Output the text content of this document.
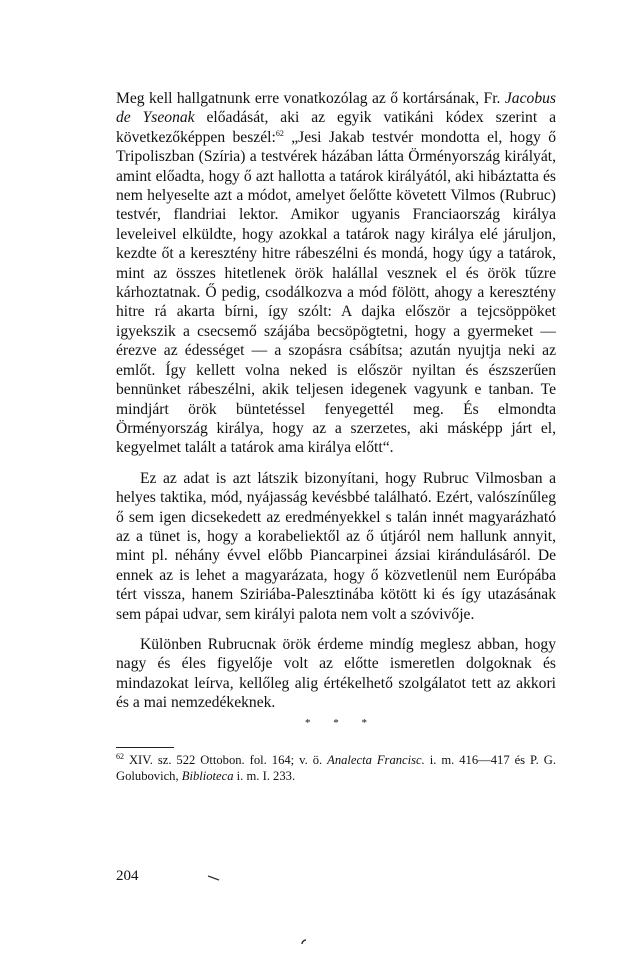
Meg kell hallgatnunk erre vonatkozólag az ő kortársának, Fr. Jacobus de Yseonak előadását, aki az egyik vatikáni kódex szerint a következőképpen beszél:$^{62}$ „Jesi Jakab testvér mondotta el, hogy ő Tripoliszban (Szíria) a testvérek házában látta Örményország királyát, amint előadta, hogy ő azt hallotta a tatárok királyától, aki hibáztatta és nem helyeselte azt a módot, amelyet őelőtte követett Vilmos (Rubruc) testvér, flandriai lektor. Amikor ugyanis Franciaország királya leveleivel elküldte, hogy azokkal a tatárok nagy királya elé járuljon, kezdte őt a keresztény hitre rábeszélni és mondá, hogy úgy a tatárok, mint az összes hitetlenek örök halállal vesznek el és örök tűzre kárhoztatnak. Ő pedig, csodálkozva a mód fölött, ahogy a keresztény hitre rá akarta bírni, így szólt: A dajka először a tejcsöppöket igyekszik a csecsemő szájába becsöpögtetni, hogy a gyermeket — érezve az édességet — a szopásra csábítsa; azután nyujtja neki az emlőt. Így kellett volna neked is először nyiltan és észszerűen bennünket rábeszélni, akik teljesen idegenek vagyunk e tanban. Te mindjárt örök büntetéssel fenyegettél meg. És elmondta Örményország királya, hogy az a szerzetes, aki másképp járt el, kegyelmet talált a tatárok ama királya előtt“.

Ez az adat is azt látszik bizonyítani, hogy Rubruc Vilmosban a helyes taktika, mód, nyájasság kevésbbé található. Ezért, valószínűleg ő sem igen dicsekedett az eredményekkel s talán innét magyarázható az a tünet is, hogy a korabeliektől az ő útjáról nem hallunk annyit, mint pl. néhány évvel előbb Piancarpinei ázsiai kirándulásáról. De ennek az is lehet a magyarázata, hogy ő közvetlenül nem Európába tért vissza, hanem Sziriába-Palesztinába kötött ki és így utazásának sem pápai udvar, sem királyi palota nem volt a szóvivője.

Különben Rubrucnak örök érdeme mindíg meglesz abban, hogy nagy és éles figyelője volt az előtte ismeretlen dolgoknak és mindazokat leírva, kellőleg alig értékelhető szolgálatot tett az akkori és a mai nemzedékeknek.

* * *

$^{62}$ XIV. sz. 522 Ottobon. fol. 164; v. ö. Analecta Francisc. i. m. 416—417 és P. G. Golubovich, Biblioteca i. m. I. 233.

204
